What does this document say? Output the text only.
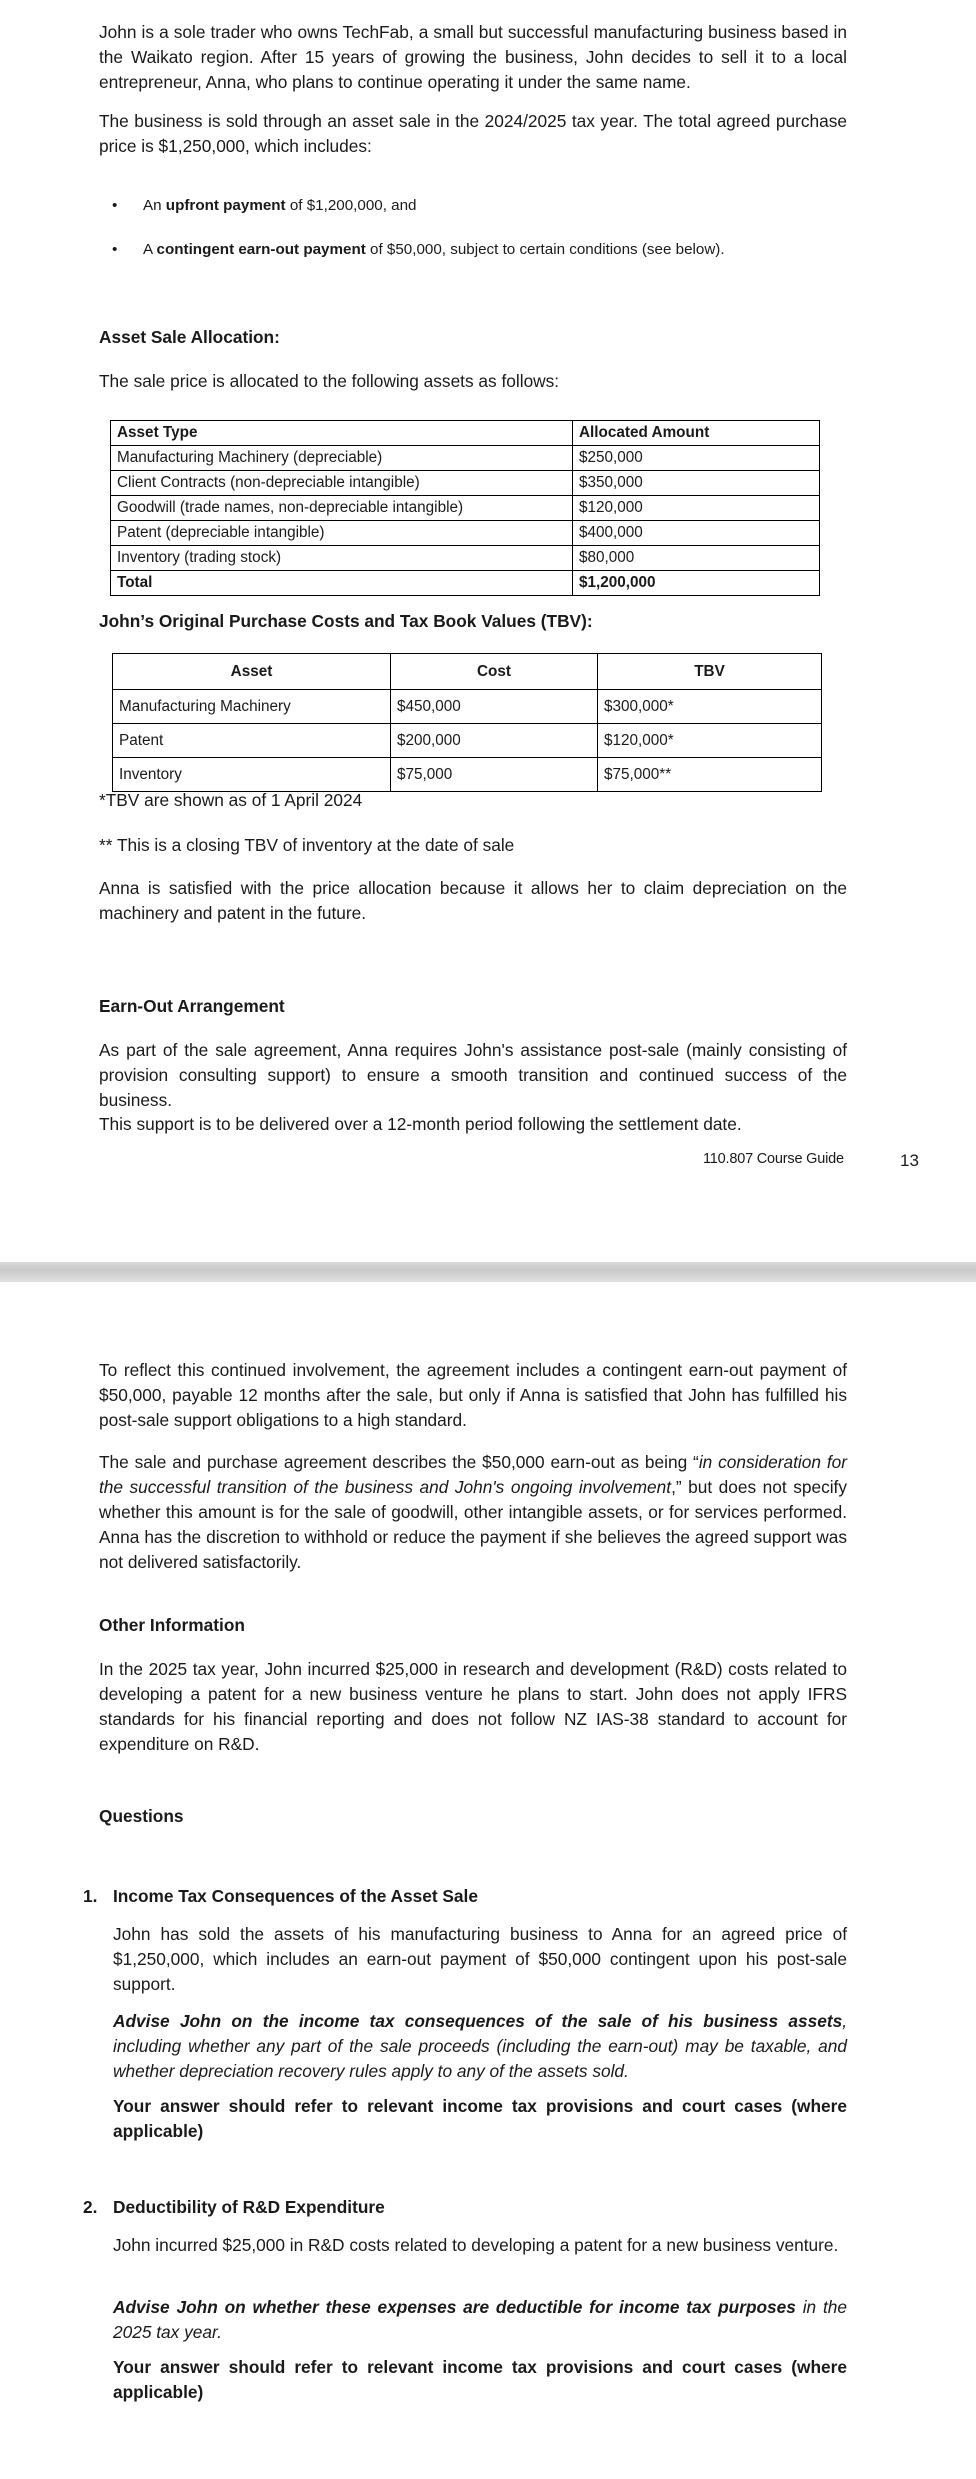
John is a sole trader who owns TechFab, a small but successful manufacturing business based in the Waikato region. After 15 years of growing the business, John decides to sell it to a local entrepreneur, Anna, who plans to continue operating it under the same name.

The business is sold through an asset sale in the 2024/2025 tax year. The total agreed purchase price is $1,250,000, which includes:

• An upfront payment of $1,200,000, and
• A contingent earn-out payment of $50,000, subject to certain conditions (see below).
Asset Sale Allocation:

The sale price is allocated to the following assets as follows:

Asset Type	Allocated Amount
Manufacturing Machinery (depreciable)	$250,000
Client Contracts (non-depreciable intangible)	$350,000
Goodwill (trade names, non-depreciable intangible)	$120,000
Patent (depreciable intangible)	$400,000
Inventory (trading stock)	$80,000
Total	$1,200,000
John’s Original Purchase Costs and Tax Book Values (TBV):
Asset	Cost	TBV
Manufacturing Machinery	$450,000	$300,000*
Patent	$200,000	$120,000*
Inventory	$75,000	$75,000**

*TBV are shown as of 1 April 2024

** This is a closing TBV of inventory at the date of sale

Anna is satisfied with the price allocation because it allows her to claim depreciation on the machinery and patent in the future.

Earn-Out Arrangement

As part of the sale agreement, Anna requires John's assistance post-sale (mainly consisting of provision consulting support) to ensure a smooth transition and continued success of the business.

This support is to be delivered over a 12-month period following the settlement date.

110.807 Course Guide	13

To reflect this continued involvement, the agreement includes a contingent earn-out payment of $50,000, payable 12 months after the sale, but only if Anna is satisfied that John has fulfilled his post-sale support obligations to a high standard.

The sale and purchase agreement describes the $50,000 earn-out as being “in consideration for the successful transition of the business and John's ongoing involvement,” but does not specify whether this amount is for the sale of goodwill, other intangible assets, or for services performed. Anna has the discretion to withhold or reduce the payment if she believes the agreed support was not delivered satisfactorily.

Other Information

In the 2025 tax year, John incurred $25,000 in research and development (R&D) costs related to developing a patent for a new business venture he plans to start. John does not apply IFRS standards for his financial reporting and does not follow NZ IAS-38 standard to account for expenditure on R&D.

Questions
1. Income Tax Consequences of the Asset Sale

John has sold the assets of his manufacturing business to Anna for an agreed price of $1,250,000, which includes an earn-out payment of $50,000 contingent upon his post-sale support.

Advise John on the income tax consequences of the sale of his business assets, including whether any part of the sale proceeds (including the earn-out) may be taxable, and whether depreciation recovery rules apply to any of the assets sold.

Your answer should refer to relevant income tax provisions and court cases (where applicable)

2. Deductibility of R&D Expenditure

John incurred $25,000 in R&D costs related to developing a patent for a new business venture.

Advise John on whether these expenses are deductible for income tax purposes in the 2025 tax year.

Your answer should refer to relevant income tax provisions and court cases (where applicable)
